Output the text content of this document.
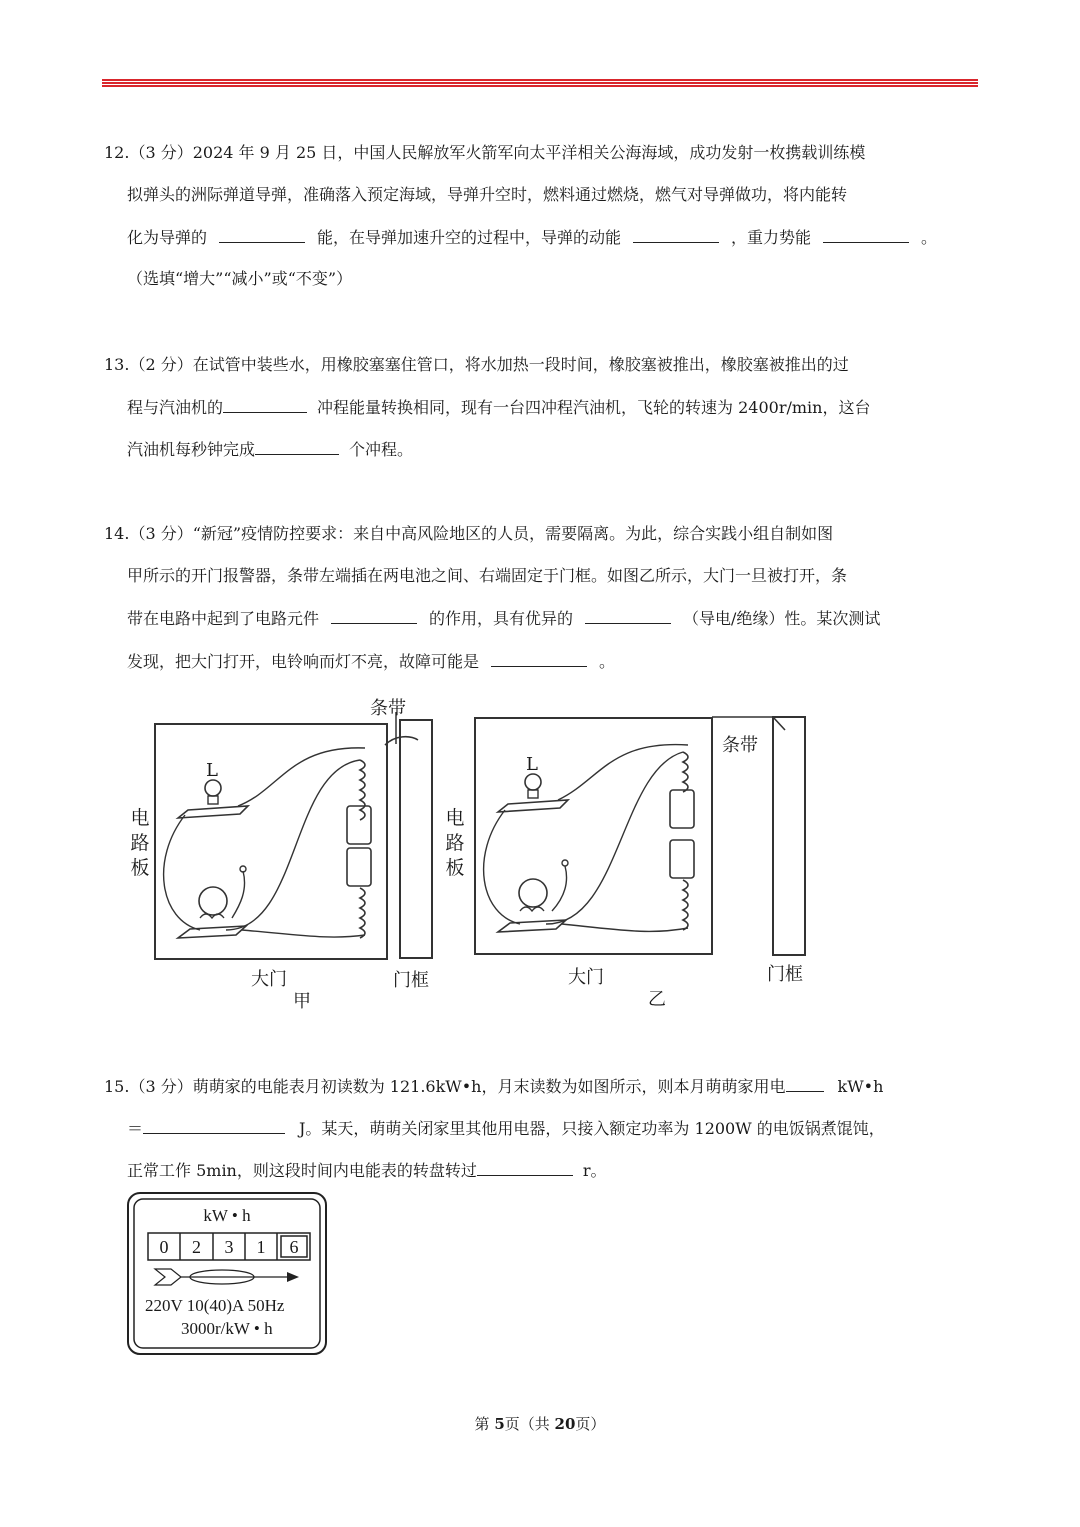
12.（3 分）2024 年 9 月 25 日，中国人民解放军火箭军向太平洋相关公海海域，成功发射一枚携载训练模
拟弹头的洲际弹道导弹，准确落入预定海域，导弹升空时，燃料通过燃烧，燃气对导弹做功，将内能转
化为导弹的	能，在导弹加速升空的过程中，导弹的动能	，重力势能	。
（选填“增大”“减小”或“不变”）
13.（2 分）在试管中装些水，用橡胶塞塞住管口，将水加热一段时间，橡胶塞被推出，橡胶塞被推出的过
程与汽油机的	冲程能量转换相同，现有一台四冲程汽油机，飞轮的转速为 2400r/min，这台
汽油机每秒钟完成	个冲程。
14.（3 分）“新冠”疫情防控要求：来自中高风险地区的人员，需要隔离。为此，综合实践小组自制如图
甲所示的开门报警器，条带左端插在两电池之间、右端固定于门框。如图乙所示，大门一旦被打开，条
带在电路中起到了电路元件	的作用，具有优异的	（导电/绝缘）性。某次测试
发现，把大门打开，电铃响而灯不亮，故障可能是	。
条带
电路板
L
大门
甲
门框
条带
电路板
L
大门
乙
门框
15.（3 分）萌萌家的电能表月初读数为 121.6kW•h，月末读数为如图所示，则本月萌萌家用电	kW•h
＝	J。某天，萌萌关闭家里其他用电器，只接入额定功率为 1200W 的电饭锅煮馄饨，
正常工作 5min，则这段时间内电能表的转盘转过	r。
kW • h
0	2	3	1	6
220V 10(40)A 50Hz
3000r/kW • h
第 5页（共 20页）
